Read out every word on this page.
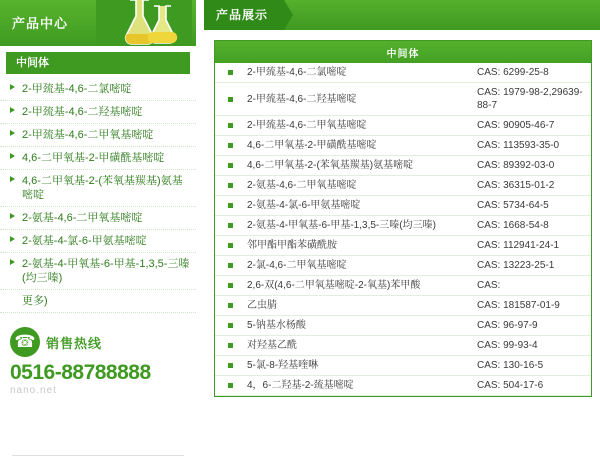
产品中心
中间体
2-甲巯基-4,6-二氯嘧啶
2-甲巯基-4,6-二羟基嘧啶
2-甲巯基-4,6-二甲氧基嘧啶
4,6-二甲氧基-2-甲磺酰基嘧啶
4,6-二甲氧基-2-(苯氧基羰基)氨基嘧啶
2-氨基-4,6-二甲氧基嘧啶
2-氨基-4-氯-6-甲氨基嘧啶
2-氨基-4-甲氧基-6-甲基-1,3,5-三嗪(均三嗪)
更多)
☎ 销售热线
0516-88788888
nano.net
产品展示
中间体		
	2-甲巯基-4,6-二氯嘧啶	CAS: 6299-25-8
	2-甲巯基-4,6-二羟基嘧啶	CAS: 1979-98-2,29639-88-7
	2-甲巯基-4,6-二甲氧基嘧啶	CAS: 90905-46-7
	4,6-二甲氧基-2-甲磺酰基嘧啶	CAS: 113593-35-0
	4,6-二甲氧基-2-(苯氧基羰基)氨基嘧啶	CAS: 89392-03-0
	2-氨基-4,6-二甲氧基嘧啶	CAS: 36315-01-2
	2-氨基-4-氯-6-甲氨基嘧啶	CAS: 5734-64-5
	2-氨基-4-甲氧基-6-甲基-1,3,5-三嗪(均三嗪)	CAS: 1668-54-8
	邻甲酯甲酯苯磺酰胺	CAS: 112941-24-1
	2-氯-4,6-二甲氧基嘧啶	CAS: 13223-25-1
	2,6-双(4,6-二甲氧基嘧啶-2-氧基)苯甲酸	CAS:
	乙虫腈	CAS: 181587-01-9
	5-钠基水杨酸	CAS: 96-97-9
	对羟基乙酰	CAS: 99-93-4
	5-氯-8-羟基喹啉	CAS: 130-16-5
	4，6-二羟基-2-巯基嘧啶	CAS: 504-17-6
